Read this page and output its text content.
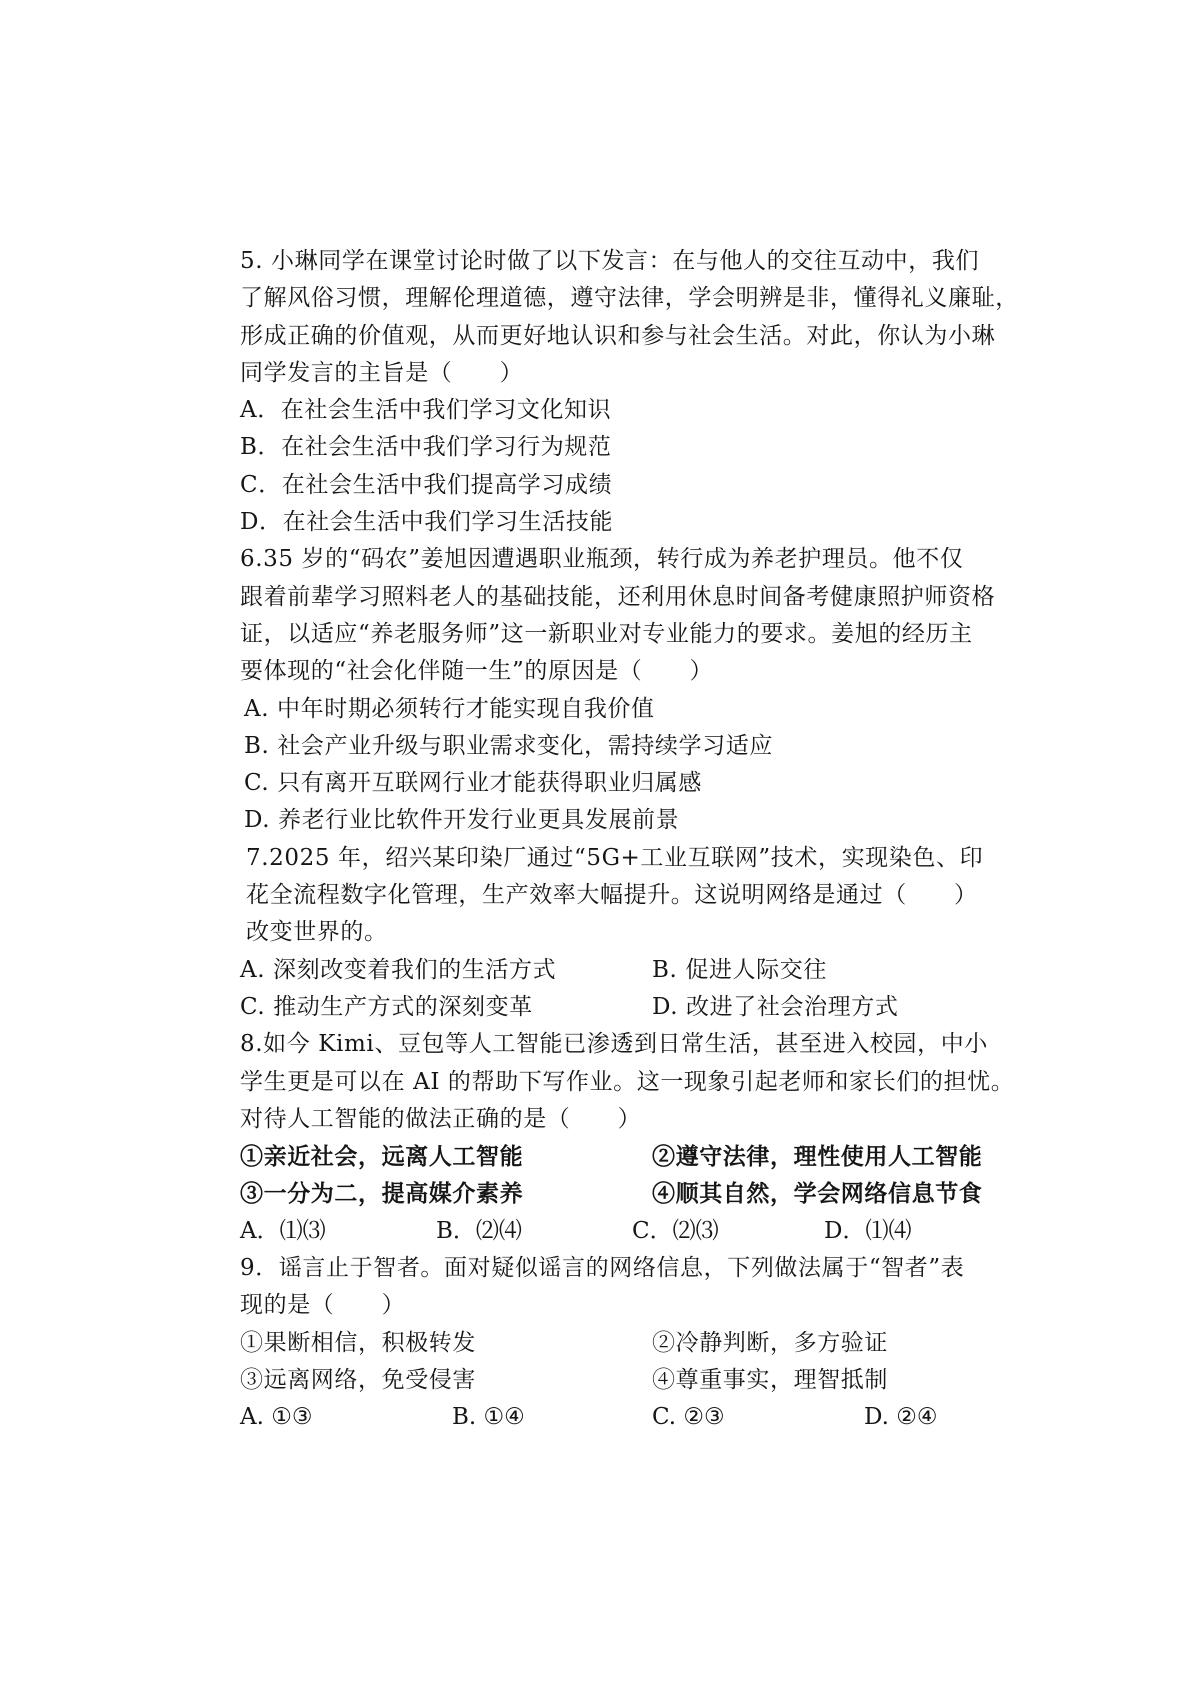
5. 小琳同学在课堂讨论时做了以下发言：在与他人的交往互动中，我们
了解风俗习惯，理解伦理道德，遵守法律，学会明辨是非，懂得礼义廉耻，
形成正确的价值观，从而更好地认识和参与社会生活。对此，你认为小琳
同学发言的主旨是（　　）
A．在社会生活中我们学习文化知识
B．在社会生活中我们学习行为规范
C．在社会生活中我们提高学习成绩
D．在社会生活中我们学习生活技能
6.35 岁的“码农”姜旭因遭遇职业瓶颈，转行成为养老护理员。他不仅
跟着前辈学习照料老人的基础技能，还利用休息时间备考健康照护师资格
证，以适应“养老服务师”这一新职业对专业能力的要求。姜旭的经历主
要体现的“社会化伴随一生”的原因是（　　）
A. 中年时期必须转行才能实现自我价值
B. 社会产业升级与职业需求变化，需持续学习适应
C. 只有离开互联网行业才能获得职业归属感
D. 养老行业比软件开发行业更具发展前景
7.2025 年，绍兴某印染厂通过“5G+工业互联网”技术，实现染色、印
花全流程数字化管理，生产效率大幅提升。这说明网络是通过（　　）
改变世界的。
A. 深刻改变着我们的生活方式	B. 促进人际交往
C. 推动生产方式的深刻变革	D. 改进了社会治理方式
8.如今 Kimi、豆包等人工智能已渗透到日常生活，甚至进入校园，中小
学生更是可以在 AI 的帮助下写作业。这一现象引起老师和家长们的担忧。
对待人工智能的做法正确的是（　　）
①亲近社会，远离人工智能	②遵守法律，理性使用人工智能
③一分为二，提高媒介素养	④顺其自然，学会网络信息节食
A．⑴⑶	B．⑵⑷	C．⑵⑶	D．⑴⑷
9．谣言止于智者。面对疑似谣言的网络信息，下列做法属于“智者”表
现的是（　　）
①果断相信，积极转发	②冷静判断，多方验证
③远离网络，免受侵害	④尊重事实，理智抵制
A. ①③	B. ①④	C. ②③	D. ②④
